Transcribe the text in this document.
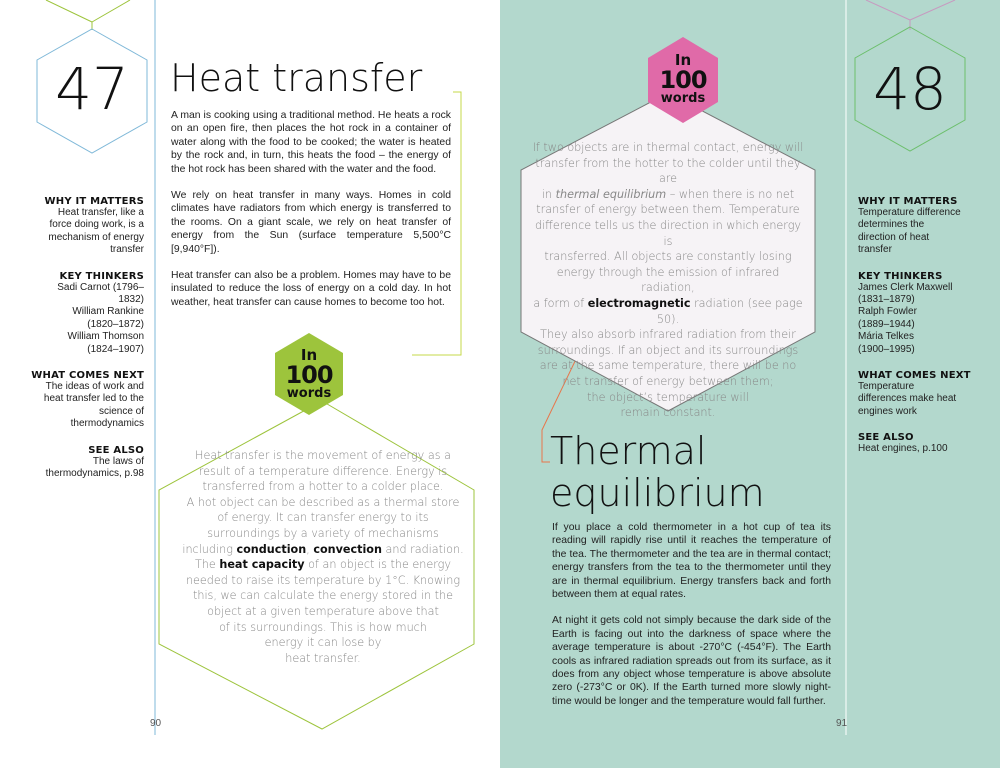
47	Heat transfer
WHY IT MATTERS
Heat transfer, like a
force doing work, is a
mechanism of energy
transfer
KEY THINKERS
Sadi Carnot (1796–
1832)
William Rankine
(1820–1872)
William Thomson
(1824–1907)
WHAT COMES NEXT
The ideas of work and
heat transfer led to the
science of
thermodynamics
SEE ALSO
The laws of
thermodynamics, p.98

A man is cooking using a traditional method. He heats a rock on an open fire, then places the hot rock in a container of water along with the food to be cooked; the water is heated by the rock and, in turn, this heats the food – the energy of the hot rock has been shared with the water and the food.

We rely on heat transfer in many ways. Homes in cold climates have radiators from which energy is transferred to the rooms. On a giant scale, we rely on heat transfer of energy from the Sun (surface temperature 5,500°C [9,940°F]).

Heat transfer can also be a problem. Homes may have to be insulated to reduce the loss of energy on a cold day. In hot weather, heat transfer can cause homes to become too hot.

In
100
words
Heat transfer is the movement of energy as a
result of a temperature difference. Energy is
transferred from a hotter to a colder place.
A hot object can be described as a thermal store
of energy. It can transfer energy to its
surroundings by a variety of mechanisms
including conduction, convection and radiation.
The heat capacity of an object is the energy
needed to raise its temperature by 1°C. Knowing
this, we can calculate the energy stored in the
object at a given temperature above that
of its surroundings. This is how much
energy it can lose by
heat transfer.
90
In
100
words
If two objects are in thermal contact, energy will
transfer from the hotter to the colder until they are
in thermal equilibrium – when there is no net
transfer of energy between them. Temperature
difference tells us the direction in which energy is
transferred. All objects are constantly losing
energy through the emission of infrared radiation,
a form of electromagnetic radiation (see page 50).
They also absorb infrared radiation from their
surroundings. If an object and its surroundings
are at the same temperature, there will be no
net transfer of energy between them;
the object’s temperature will
remain constant.
48
Thermal
equilibrium

If you place a cold thermometer in a hot cup of tea its reading will rapidly rise until it reaches the temperature of the tea. The thermometer and the tea are in thermal contact; energy transfers from the tea to the thermometer until they are in thermal equilibrium. Energy transfers back and forth between them at equal rates.

At night it gets cold not simply because the dark side of the Earth is facing out into the darkness of space where the average temperature is about -270°C (-454°F). The Earth cools as infrared radiation spreads out from its surface, as it does from any object whose temperature is above absolute zero (-273°C or 0K). If the Earth turned more slowly night-time would be longer and the temperature would fall further.

WHY IT MATTERS
Temperature difference
determines the
direction of heat
transfer
KEY THINKERS
James Clerk Maxwell
(1831–1879)
Ralph Fowler
(1889–1944)
Mária Telkes
(1900–1995)
WHAT COMES NEXT
Temperature
differences make heat
engines work
SEE ALSO
Heat engines, p.100
91
